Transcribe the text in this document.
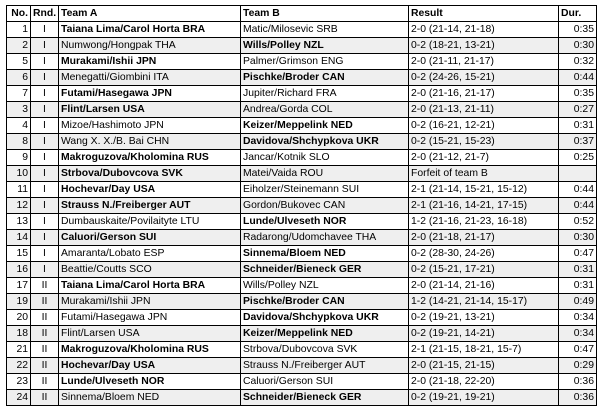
No.	Rnd.	Team A	Team B	Result	Dur.
1	I	Taiana Lima/Carol Horta BRA	Matic/Milosevic SRB	2-0 (21-14, 21-18)	0:35
2	I	Numwong/Hongpak THA	Wills/Polley NZL	0-2 (18-21, 13-21)	0:30
5	I	Murakami/Ishii JPN	Palmer/Grimson ENG	2-0 (21-11, 21-17)	0:32
6	I	Menegatti/Giombini ITA	Pischke/Broder CAN	0-2 (24-26, 15-21)	0:44
7	I	Futami/Hasegawa JPN	Jupiter/Richard FRA	2-0 (21-16, 21-17)	0:35
3	I	Flint/Larsen USA	Andrea/Gorda COL	2-0 (21-13, 21-11)	0:27
4	I	Mizoe/Hashimoto JPN	Keizer/Meppelink NED	0-2 (16-21, 12-21)	0:31
8	I	Wang X. X./B. Bai CHN	Davidova/Shchypkova UKR	0-2 (15-21, 15-23)	0:37
9	I	Makroguzova/Kholomina RUS	Jancar/Kotnik SLO	2-0 (21-12, 21-7)	0:25
10	I	Strbova/Dubovcova SVK	Matei/Vaida ROU	Forfeit of team B	
11	I	Hochevar/Day USA	Eiholzer/Steinemann SUI	2-1 (21-14, 15-21, 15-12)	0:44
12	I	Strauss N./Freiberger AUT	Gordon/Bukovec CAN	2-1 (21-16, 14-21, 17-15)	0:44
13	I	Dumbauskaite/Povilaityte LTU	Lunde/Ulveseth NOR	1-2 (21-16, 21-23, 16-18)	0:52
14	I	Caluori/Gerson SUI	Radarong/Udomchavee THA	2-0 (21-18, 21-17)	0:30
15	I	Amaranta/Lobato ESP	Sinnema/Bloem NED	0-2 (28-30, 24-26)	0:47
16	I	Beattie/Coutts SCO	Schneider/Bieneck GER	0-2 (15-21, 17-21)	0:31
17	II	Taiana Lima/Carol Horta BRA	Wills/Polley NZL	2-0 (21-14, 21-16)	0:31
19	II	Murakami/Ishii JPN	Pischke/Broder CAN	1-2 (14-21, 21-14, 15-17)	0:49
20	II	Futami/Hasegawa JPN	Davidova/Shchypkova UKR	0-2 (19-21, 13-21)	0:34
18	II	Flint/Larsen USA	Keizer/Meppelink NED	0-2 (19-21, 14-21)	0:34
21	II	Makroguzova/Kholomina RUS	Strbova/Dubovcova SVK	2-1 (21-15, 18-21, 15-7)	0:47
22	II	Hochevar/Day USA	Strauss N./Freiberger AUT	2-0 (21-15, 21-15)	0:29
23	II	Lunde/Ulveseth NOR	Caluori/Gerson SUI	2-0 (21-18, 22-20)	0:36
24	II	Sinnema/Bloem NED	Schneider/Bieneck GER	0-2 (19-21, 19-21)	0:36
